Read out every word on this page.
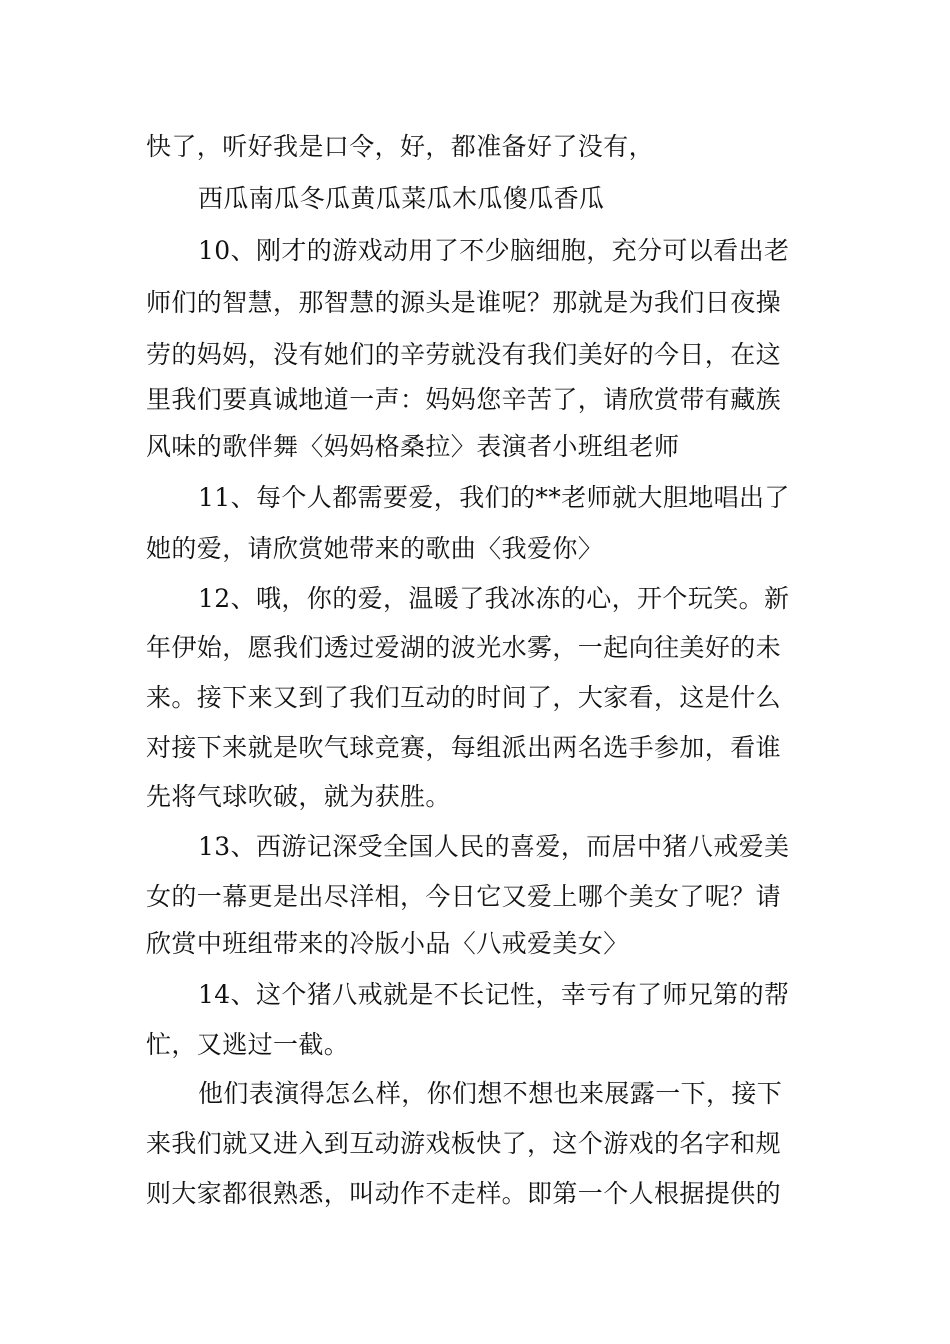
快了，听好我是口令，好，都准备好了没有，
西瓜南瓜冬瓜黄瓜菜瓜木瓜傻瓜香瓜
10、刚才的游戏动用了不少脑细胞，充分可以看出老
师们的智慧，那智慧的源头是谁呢？那就是为我们日夜操
劳的妈妈，没有她们的辛劳就没有我们美好的今日，在这
里我们要真诚地道一声：妈妈您辛苦了，请欣赏带有藏族
风味的歌伴舞〈妈妈格桑拉〉表演者小班组老师
11、每个人都需要爱，我们的**老师就大胆地唱出了
她的爱，请欣赏她带来的歌曲〈我爱你〉
12、哦，你的爱，温暖了我冰冻的心，开个玩笑。新
年伊始，愿我们透过爱湖的波光水雾，一起向往美好的未
来。接下来又到了我们互动的时间了，大家看，这是什么
对接下来就是吹气球竞赛，每组派出两名选手参加，看谁
先将气球吹破，就为获胜。
13、西游记深受全国人民的喜爱，而居中猪八戒爱美
女的一幕更是出尽洋相，今日它又爱上哪个美女了呢？请
欣赏中班组带来的冷版小品〈八戒爱美女〉
14、这个猪八戒就是不长记性，幸亏有了师兄第的帮
忙，又逃过一截。
他们表演得怎么样，你们想不想也来展露一下，接下
来我们就又进入到互动游戏板快了，这个游戏的名字和规
则大家都很熟悉，叫动作不走样。即第一个人根据提供的
